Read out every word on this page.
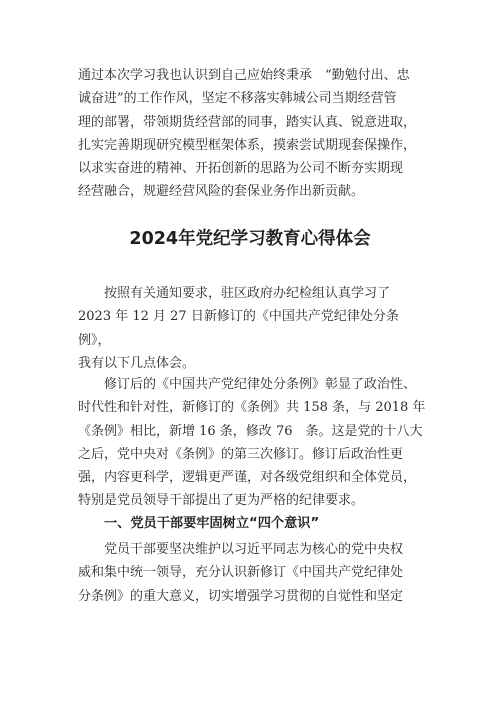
通过本次学习我也认识到自己应始终秉承　“勤勉付出、忠
诚奋进”的工作作风，坚定不移落实韩城公司当期经营管
理的部署，带领期货经营部的同事，踏实认真、锐意进取，
扎实完善期现研究模型框架体系，摸索尝试期现套保操作，
以求实奋进的精神、开拓创新的思路为公司不断夯实期现
经营融合，规避经营风险的套保业务作出新贡献。
2024年党纪学习教育心得体会
按照有关通知要求，驻区政府办纪检组认真学习了
2023 年 12 月 27 日新修订的《中国共产党纪律处分条
例》，
我有以下几点体会。
修订后的《中国共产党纪律处分条例》彰显了政治性、
时代性和针对性，新修订的《条例》共 158 条，与 2018 年
《条例》相比，新增 16 条，修改 76　条。这是党的十八大
之后，党中央对《条例》的第三次修订。修订后政治性更
强，内容更科学，逻辑更严谨，对各级党组织和全体党员，
特别是党员领导干部提出了更为严格的纪律要求。
一、党员干部要牢固树立“四个意识”
党员干部要坚决维护以习近平同志为核心的党中央权
威和集中统一领导，充分认识新修订《中国共产党纪律处
分条例》的重大意义，切实增强学习贯彻的自觉性和坚定
